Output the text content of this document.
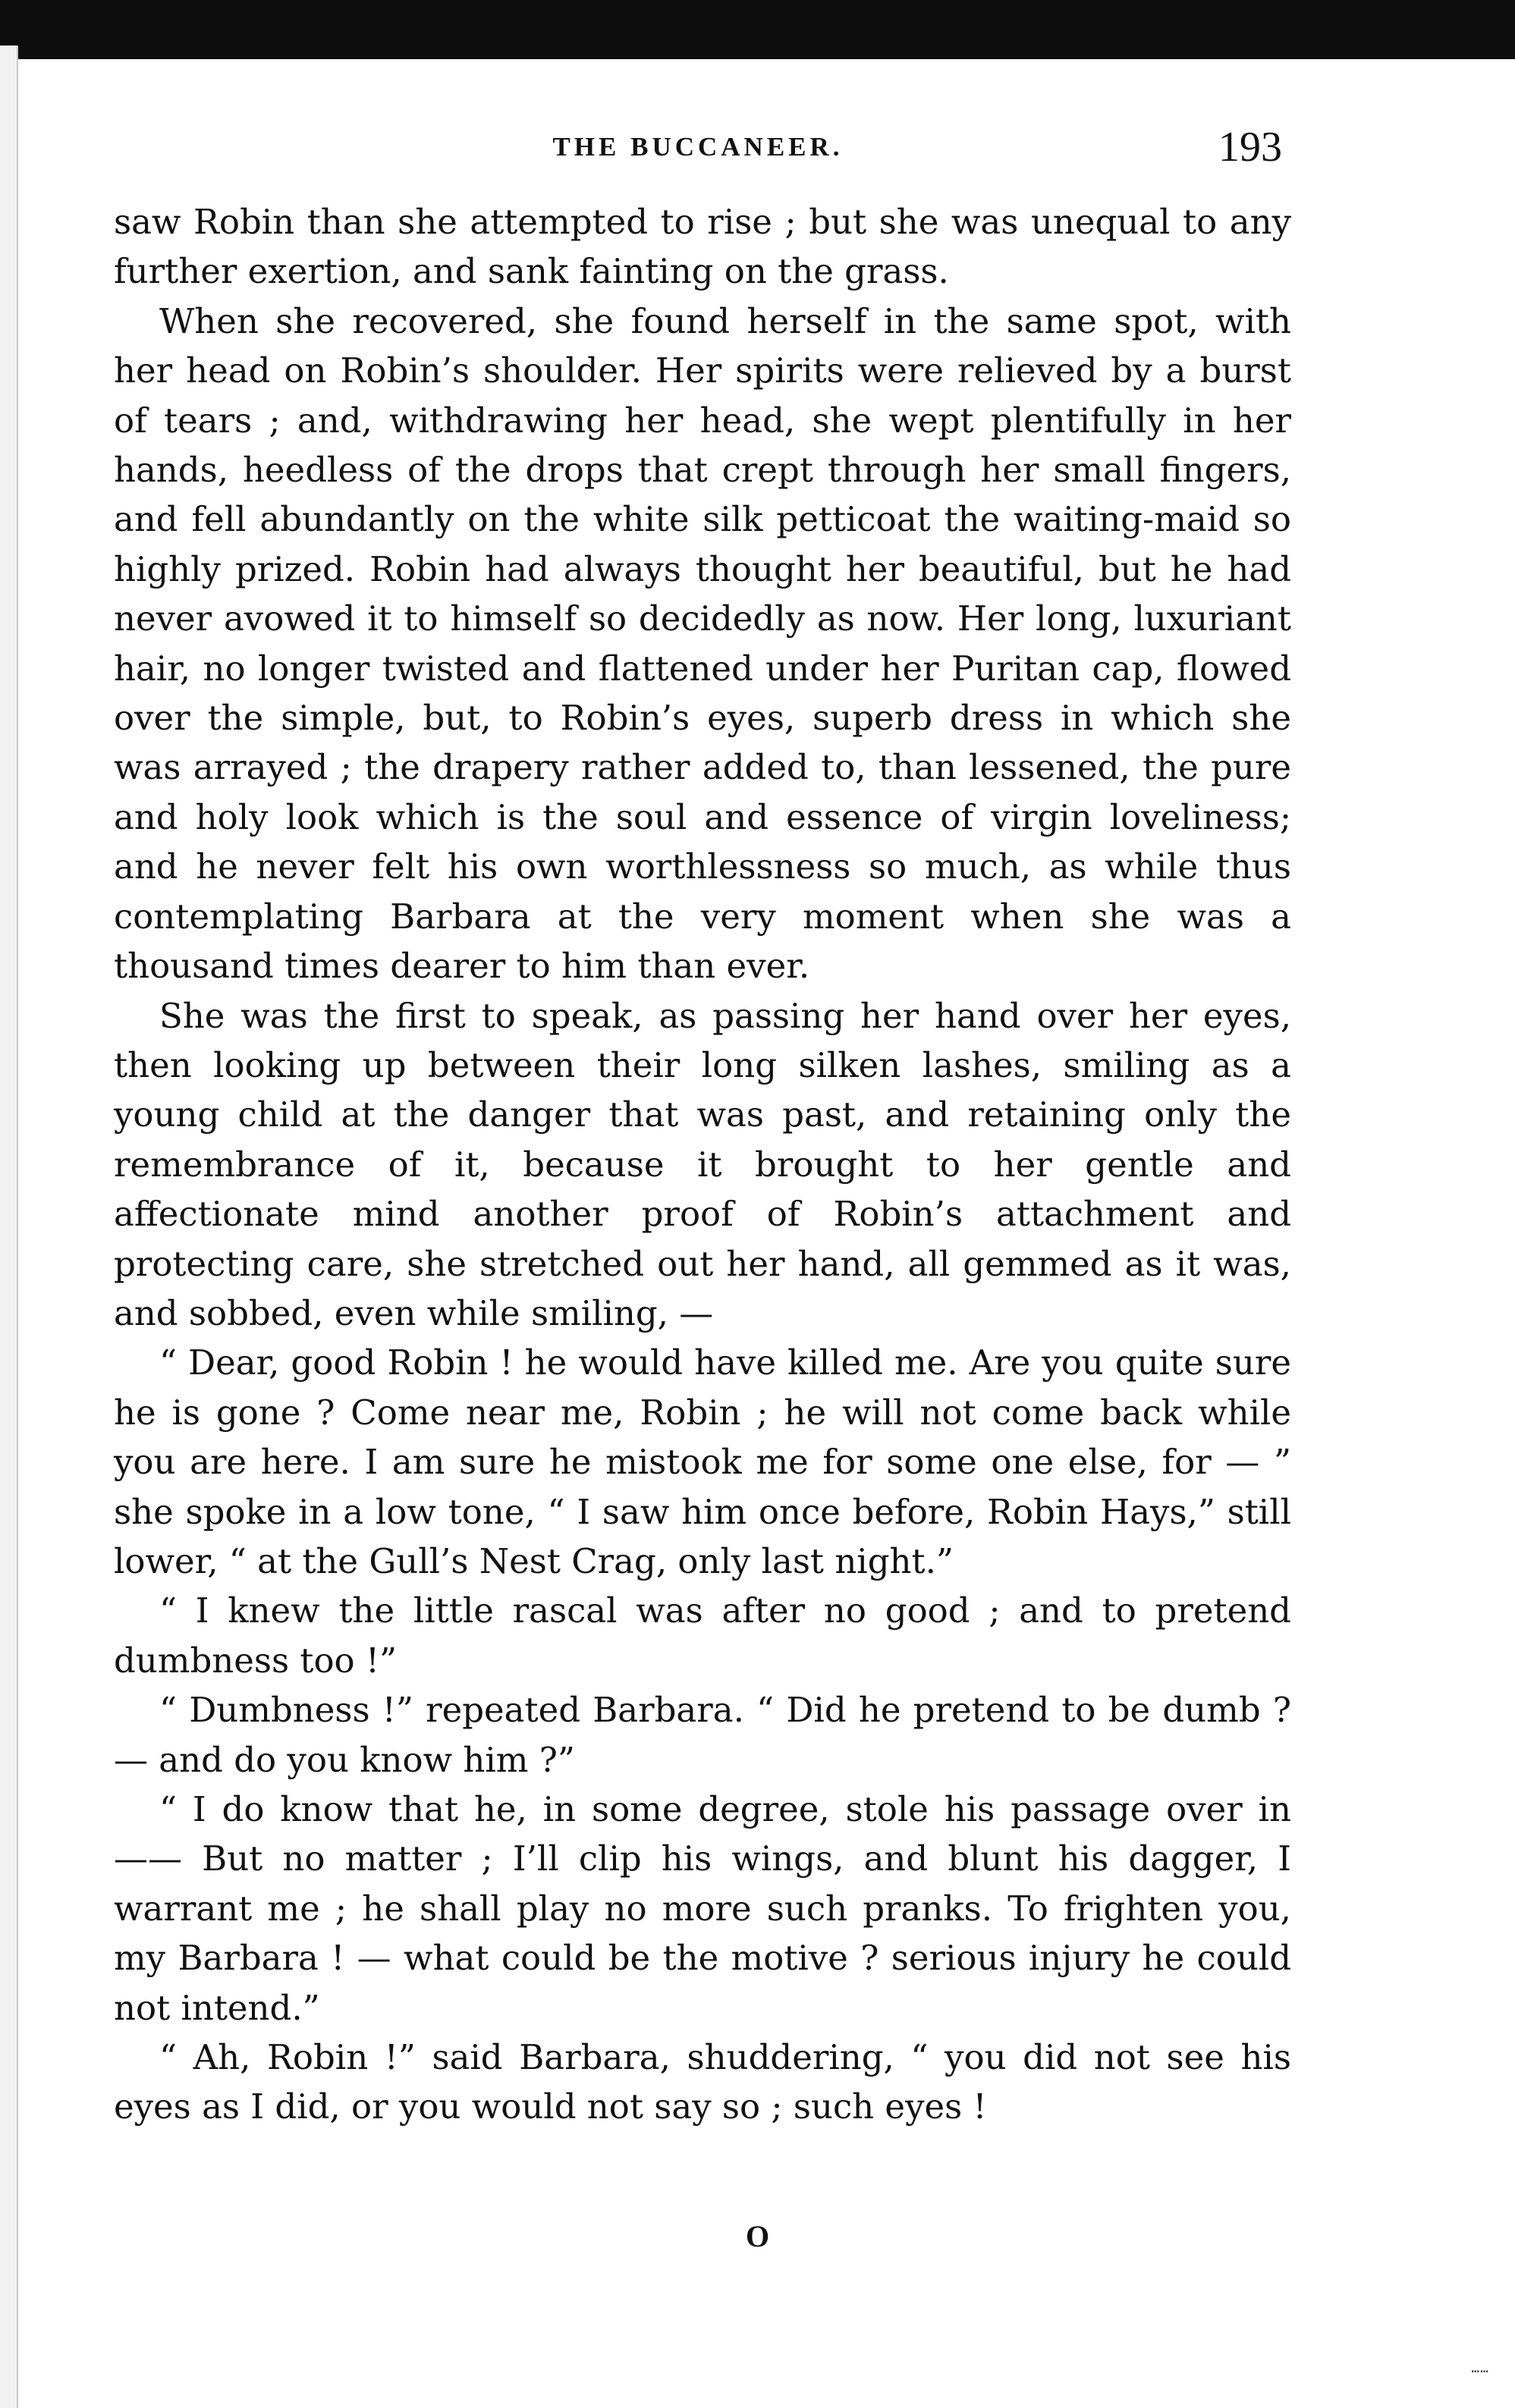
THE BUCCANEER.	193

saw Robin than she attempted to rise ; but she was unequal to any further exertion, and sank fainting on the grass.

When she recovered, she found herself in the same spot, with her head on Robin’s shoulder. Her spirits were relieved by a burst of tears ; and, withdrawing her head, she wept plentifully in her hands, heedless of the drops that crept through her small fingers, and fell abundantly on the white silk petticoat the waiting-maid so highly prized. Robin had always thought her beautiful, but he had never avowed it to himself so decidedly as now. Her long, luxuriant hair, no longer twisted and flattened under her Puritan cap, flowed over the simple, but, to Robin’s eyes, superb dress in which she was arrayed ; the drapery rather added to, than lessened, the pure and holy look which is the soul and essence of virgin loveliness; and he never felt his own worthlessness so much, as while thus contemplating Barbara at the very moment when she was a thousand times dearer to him than ever.

She was the first to speak, as passing her hand over her eyes, then looking up between their long silken lashes, smiling as a young child at the danger that was past, and retaining only the remembrance of it, because it brought to her gentle and affectionate mind another proof of Robin’s attachment and protecting care, she stretched out her hand, all gemmed as it was, and sobbed, even while smiling, —

“ Dear, good Robin ! he would have killed me. Are you quite sure he is gone ? Come near me, Robin ; he will not come back while you are here. I am sure he mistook me for some one else, for — ” she spoke in a low tone, “ I saw him once before, Robin Hays,” still lower, “ at the Gull’s Nest Crag, only last night.”

“ I knew the little rascal was after no good ; and to pretend dumbness too !”

“ Dumbness !” repeated Barbara. “ Did he pretend to be dumb ? — and do you know him ?”

“ I do know that he, in some degree, stole his passage over in —— But no matter ; I’ll clip his wings, and blunt his dagger, I warrant me ; he shall play no more such pranks. To frighten you, my Barbara ! — what could be the motive ? serious injury he could not intend.”

“ Ah, Robin !” said Barbara, shuddering, “ you did not see his eyes as I did, or you would not say so ; such eyes !

O
……
